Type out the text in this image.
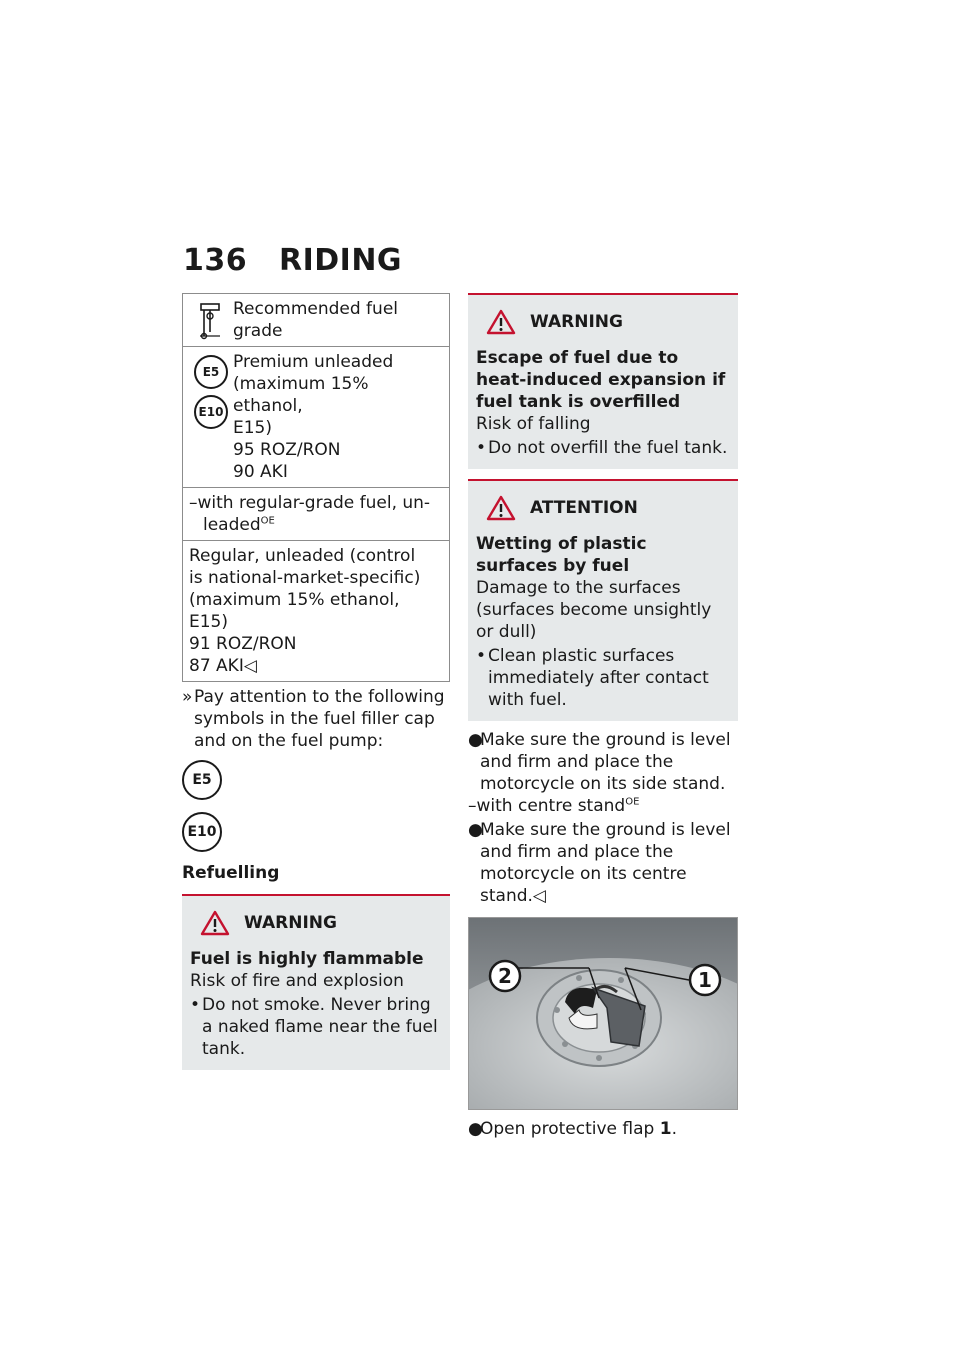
136 RIDING
Recommended fuel grade
E5
E10
Premium unleaded
(maximum 15% ethanol,
E15)
95 ROZ/RON
90 AKI
–with regular-grade fuel, un-
leaded$^{OE}$
Regular, unleaded (control
is national-market-specific)
(maximum 15% ethanol,
E15)
91 ROZ/RON
87 AKI◁
» Pay attention to the following symbols in the fuel filler cap and on the fuel pump:
E5
E10
Refuelling
WARNING
Fuel is highly flammable
Risk of fire and explosion
• Do not smoke. Never bring a naked flame near the fuel tank.
WARNING
Escape of fuel due to heat-induced expansion if fuel tank is overfilled
Risk of falling
• Do not overfill the fuel tank.
ATTENTION
Wetting of plastic surfaces by fuel
Damage to the surfaces (surfaces become unsightly or dull)
• Clean plastic surfaces immediately after contact with fuel.
●
Make sure the ground is level and firm and place the motorcycle on its side stand.
–with centre stand$^{OE}$
●
Make sure the ground is level and firm and place the motorcycle on its centre stand.◁
2	1
●
Open protective flap 1.
